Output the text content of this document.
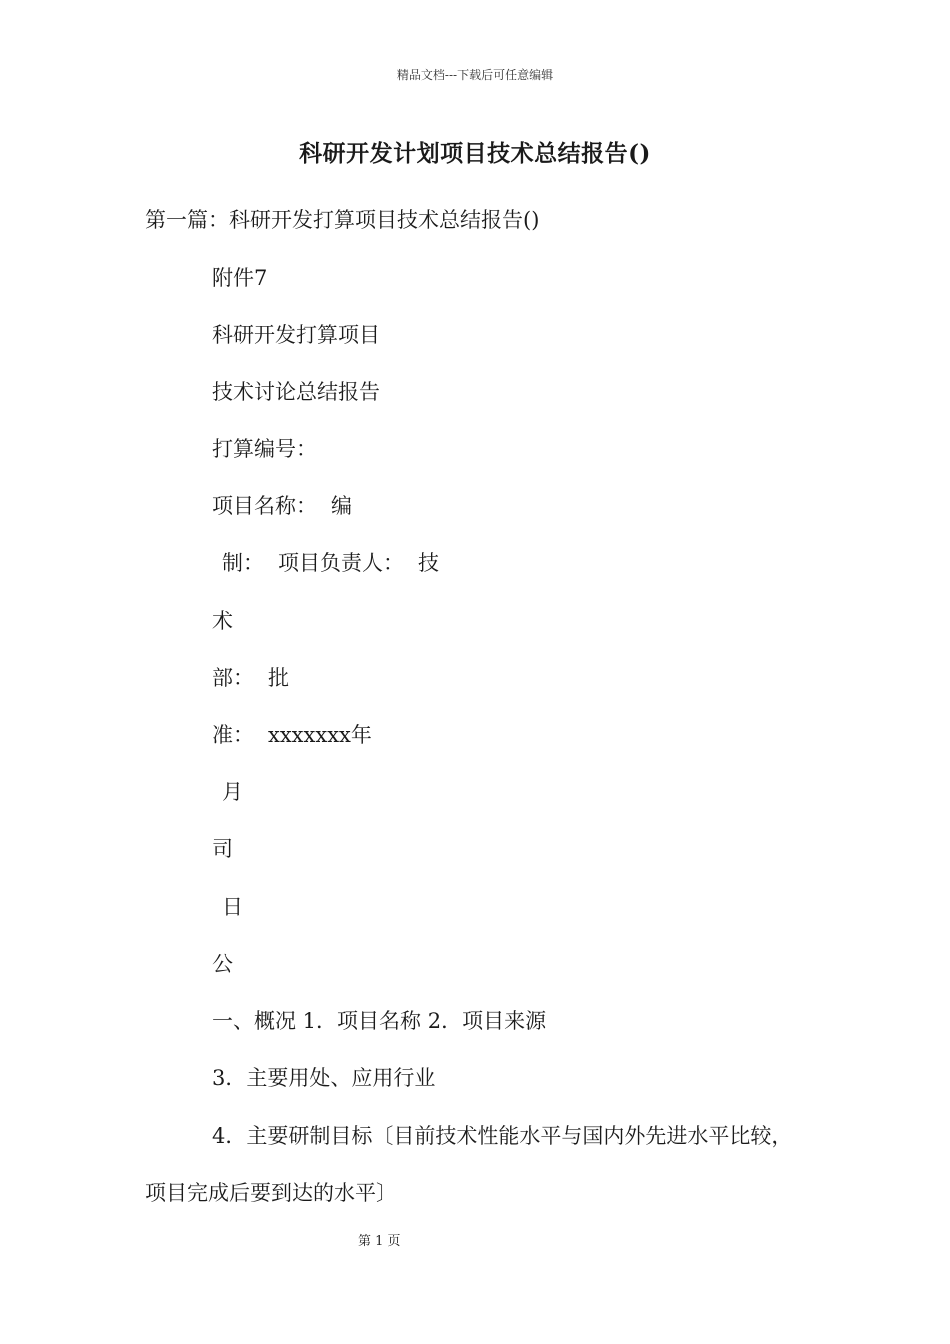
精品文档---下载后可任意编辑
科研开发计划项目技术总结报告()
第一篇：科研开发打算项目技术总结报告()
附件7
科研开发打算项目
技术讨论总结报告
打算编号：
项目名称： 编
制： 项目负责人： 技
术
部： 批
准： xxxxxxx年
月
司
日
公
一、概况 1．项目名称 2．项目来源
3．主要用处、应用行业
4．主要研制目标〔目前技术性能水平与国内外先进水平比较，
项目完成后要到达的水平〕
第 1 页
